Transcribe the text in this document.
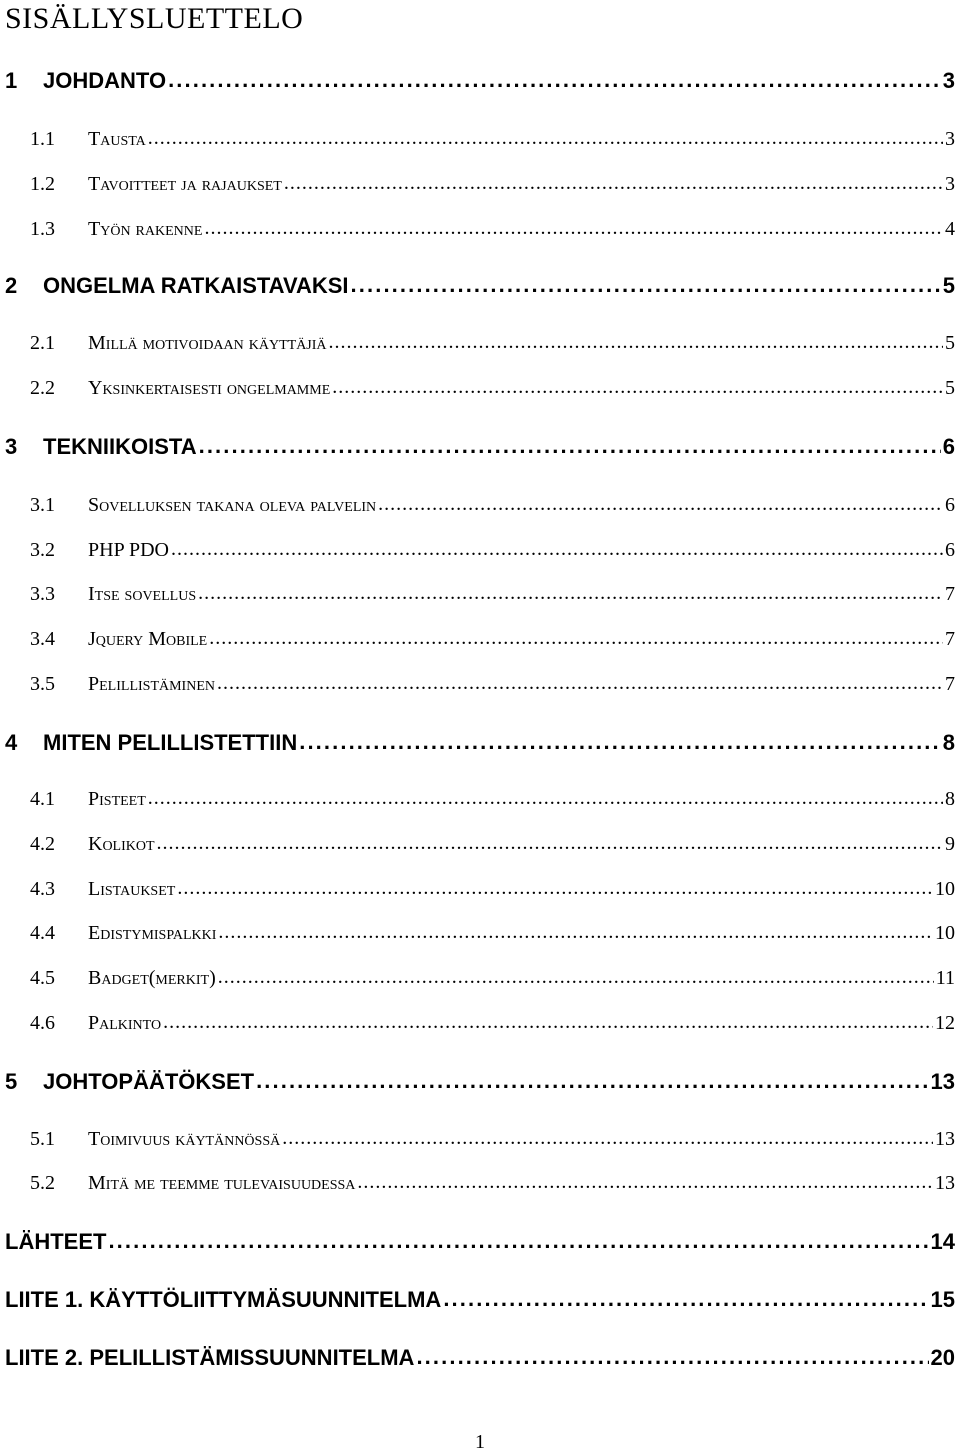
SISÄLLYSLUETTELO
1	JOHDANTO . . .	3
1.1	Tausta . . .	3
1.2	Tavoitteet ja rajaukset . . .	3
1.3	Työn rakenne . . .	4
2	ONGELMA RATKAISTAVAKSI . . .	5
2.1	Millä motivoidaan käyttäjiä . . .	5
2.2	Yksinkertaisesti ongelmamme . . .	5
3	TEKNIIKOISTA . . .	6
3.1	Sovelluksen takana oleva palvelin . . .	6
3.2	PHP PDO . . .	6
3.3	Itse sovellus . . .	7
3.4	Jquery Mobile . . .	7
3.5	Pelillistäminen . . .	7
4	MITEN PELILLISTETTIIN . . .	8
4.1	Pisteet . . .	8
4.2	Kolikot . . .	9
4.3	Listaukset . . .	10
4.4	Edistymispalkki . . .	10
4.5	Badget(merkit) . . .	11
4.6	Palkinto . . .	12
5	JOHTOPÄÄTÖKSET . . .	13
5.1	Toimivuus käytännössä . . .	13
5.2	Mitä me teemme tulevaisuudessa . . .	13
LÄHTEET . . .	14
LIITE 1. KÄYTTÖLIITTYMÄSUUNNITELMA . . .	15
LIITE 2. PELILLISTÄMISSUUNNITELMA . . .	20
1
